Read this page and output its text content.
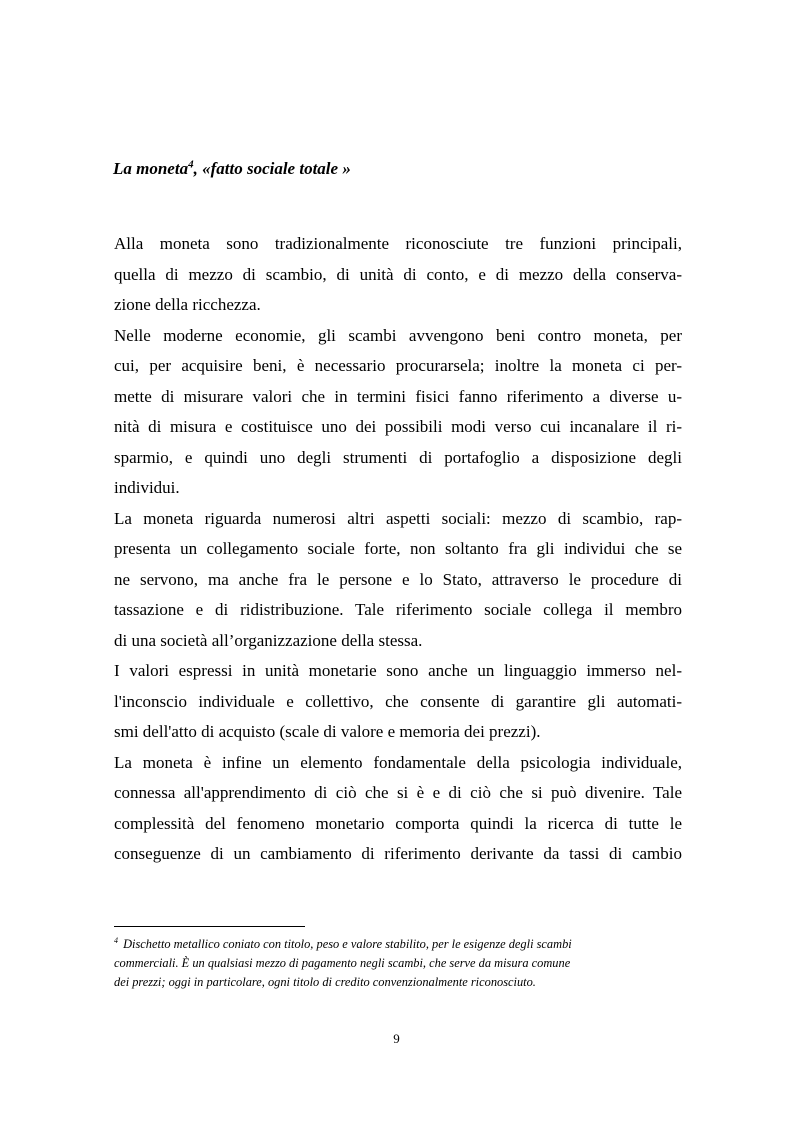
La moneta$^4$, «fatto sociale totale »
Alla moneta sono tradizionalmente riconosciute tre funzioni principali,
quella di mezzo di scambio, di unità di conto, e di mezzo della conserva-
zione della ricchezza.
Nelle moderne economie, gli scambi avvengono beni contro moneta, per
cui, per acquisire beni, è necessario procurarsela; inoltre la moneta ci per-
mette di misurare valori che in termini fisici fanno riferimento a diverse u-
nità di misura e costituisce uno dei possibili modi verso cui incanalare il ri-
sparmio, e quindi uno degli strumenti di portafoglio a disposizione degli
individui.
La moneta riguarda numerosi altri aspetti sociali: mezzo di scambio, rap-
presenta un collegamento sociale forte, non soltanto fra gli individui che se
ne servono, ma anche fra le persone e lo Stato, attraverso le procedure di
tassazione e di ridistribuzione. Tale riferimento sociale collega il membro
di una società all’organizzazione della stessa.
I valori espressi in unità monetarie sono anche un linguaggio immerso nel-
l'inconscio individuale e collettivo, che consente di garantire gli automati-
smi dell'atto di acquisto (scale di valore e memoria dei prezzi).
La moneta è infine un elemento fondamentale della psicologia individuale,
connessa all'apprendimento di ciò che si è e di ciò che si può divenire. Tale
complessità del fenomeno monetario comporta quindi la ricerca di tutte le
conseguenze di un cambiamento di riferimento derivante da tassi di cambio
$^4$ Dischetto metallico coniato con titolo, peso e valore stabilito, per le esigenze degli scambi
commerciali. È un qualsiasi mezzo di pagamento negli scambi, che serve da misura comune
dei prezzi; oggi in particolare, ogni titolo di credito convenzionalmente riconosciuto.
9
